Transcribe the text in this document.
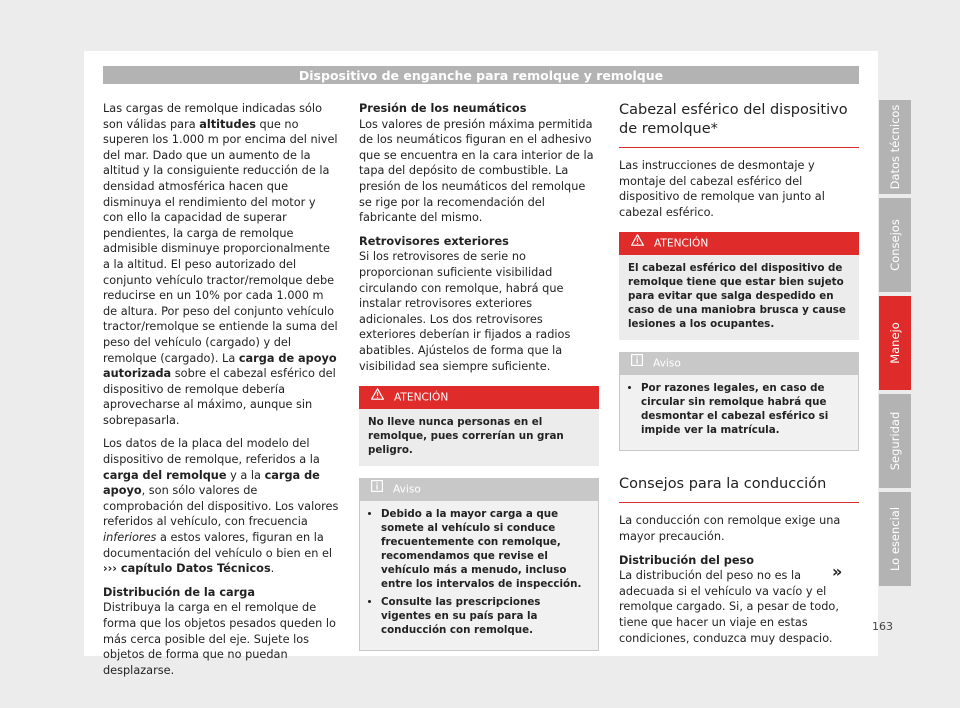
Dispositivo de enganche para remolque y remolque

Las cargas de remolque indicadas sólo son válidas para altitudes que no superen los 1.000 m por encima del nivel del mar. Dado que un aumento de la altitud y la consiguiente reducción de la densidad atmosférica hacen que disminuya el rendimiento del motor y con ello la capacidad de superar pendientes, la carga de remolque admisible disminuye proporcionalmente a la altitud. El peso autorizado del conjunto vehículo tractor/remolque debe reducirse en un 10% por cada 1.000 m de altura. Por peso del conjunto vehículo tractor/remolque se entiende la suma del peso del vehículo (cargado) y del remolque (cargado). La carga de apoyo autorizada sobre el cabezal esférico del dispositivo de remolque debería aprovecharse al máximo, aunque sin sobrepasarla.

Los datos de la placa del modelo del dispositivo de remolque, referidos a la carga del remolque y a la carga de apoyo, son sólo valores de comprobación del dispositivo. Los valores referidos al vehículo, con frecuencia inferiores a estos valores, figuran en la documentación del vehículo o bien en el ››› capítulo Datos Técnicos.

Distribución de la carga

Distribuya la carga en el remolque de forma que los objetos pesados queden lo más cerca posible del eje. Sujete los objetos de forma que no puedan desplazarse.

Presión de los neumáticos

Los valores de presión máxima permitida de los neumáticos figuran en el adhesivo que se encuentra en la cara interior de la tapa del depósito de combustible. La presión de los neumáticos del remolque se rige por la recomendación del fabricante del mismo.

Retrovisores exteriores

Si los retrovisores de serie no proporcionan suficiente visibilidad circulando con remolque, habrá que instalar retrovisores exteriores adicionales. Los dos retrovisores exteriores deberían ir fijados a radios abatibles. Ajústelos de forma que la visibilidad sea siempre suficiente.

ATENCIÓN
No lleve nunca personas en el remolque, pues correrían un gran peligro.
Aviso
• Debido a la mayor carga a que somete al vehículo si conduce frecuentemente con remolque, recomendamos que revise el vehículo más a menudo, incluso entre los intervalos de inspección.
• Consulte las prescripciones vigentes en su país para la conducción con remolque.
Cabezal esférico del dispositivo de remolque*

Las instrucciones de desmontaje y montaje del cabezal esférico del dispositivo de remolque van junto al cabezal esférico.

ATENCIÓN
El cabezal esférico del dispositivo de remolque tiene que estar bien sujeto para evitar que salga despedido en caso de una maniobra brusca y cause lesiones a los ocupantes.
Aviso
• Por razones legales, en caso de circular sin remolque habrá que desmontar el cabezal esférico si impide ver la matrícula.
Consejos para la conducción

La conducción con remolque exige una mayor precaución.

Distribución del peso

La distribución del peso no es la adecuada si el vehículo va vacío y el remolque cargado. Si, a pesar de todo, tiene que hacer un viaje en estas condiciones, conduzca muy despacio.

»
Datos técnicos
Consejos
Manejo
Seguridad
Lo esencial
163
